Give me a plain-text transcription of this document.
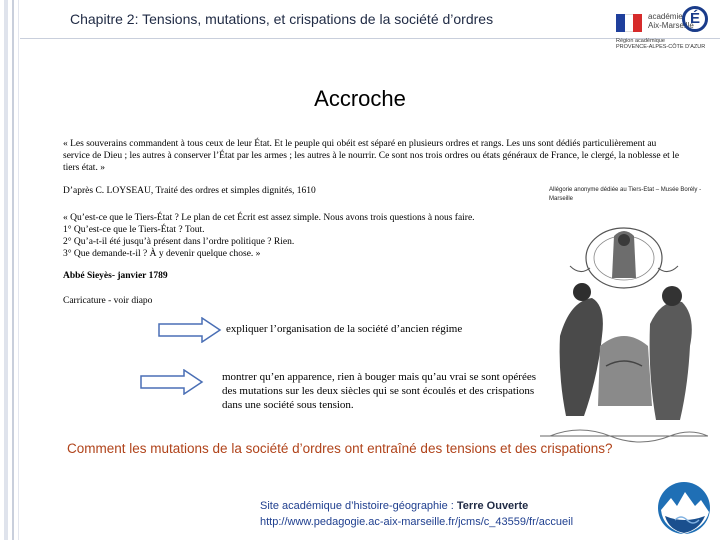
Chapitre 2: Tensions, mutations, et crispations de la société d’ordres	académie
Aix-Marseille
É
Région académique
PROVENCE-ALPES-CÔTE D’AZUR
Accroche
« Les souverains commandent à tous ceux de leur État. Et le peuple qui obéit est séparé en plusieurs ordres et rangs. Les uns sont dédiés particulièrement au service de Dieu ; les autres à conserver l’État par les armes ; les autres à le nourrir. Ce sont nos trois ordres ou états généraux de France, le clergé, la noblesse et le tiers état. »
D’après C. LOYSEAU, Traité des ordres et simples dignités, 1610	Allégorie anonyme dédiée au Tiers-Etat – Musée Borély - Marseille
« Qu’est-ce que le Tiers-État ? Le plan de cet Écrit est assez simple. Nous avons trois questions à nous faire.
1° Qu’est-ce que le Tiers-État ? Tout.
2° Qu’a-t-il été jusqu’à présent dans l’ordre politique ? Rien.
3° Que demande-t-il ? À y devenir quelque chose. »
Abbé Sieyès- janvier 1789
Carricature - voir diapo
expliquer l’organisation de la société d’ancien régime
montrer qu’en apparence, rien à bouger mais qu’au vrai se sont opérées des mutations sur les deux siècles qui se sont écoulés et des crispations dans une société sous tension.
Comment les mutations de la société d’ordres ont entraîné des tensions et des crispations?
Site académique d’histoire-géographie : Terre Ouverte
http://www.pedagogie.ac-aix-marseille.fr/jcms/c_43559/fr/accueil
